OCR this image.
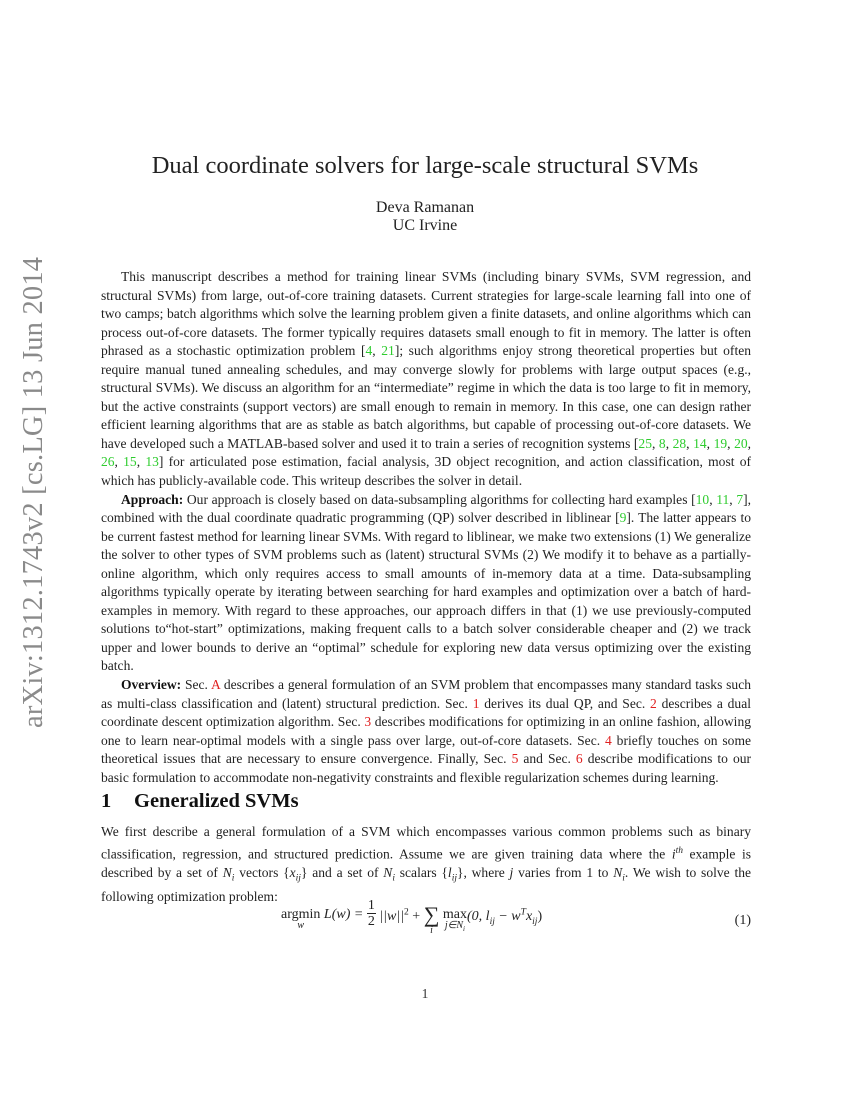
arXiv:1312.1743v2 [cs.LG] 13 Jun 2014
Dual coordinate solvers for large-scale structural SVMs
Deva Ramanan
UC Irvine

This manuscript describes a method for training linear SVMs (including binary SVMs, SVM regression, and structural SVMs) from large, out-of-core training datasets. Current strategies for large-scale learning fall into one of two camps; batch algorithms which solve the learning problem given a finite datasets, and online algorithms which can process out-of-core datasets. The former typically requires datasets small enough to fit in memory. The latter is often phrased as a stochastic optimization problem [4, 21]; such algorithms enjoy strong theoretical properties but often require manual tuned annealing schedules, and may converge slowly for problems with large output spaces (e.g., structural SVMs). We discuss an algorithm for an “intermediate” regime in which the data is too large to fit in memory, but the active constraints (support vectors) are small enough to remain in memory. In this case, one can design rather efficient learning algorithms that are as stable as batch algorithms, but capable of processing out-of-core datasets. We have developed such a MATLAB-based solver and used it to train a series of recognition systems [25, 8, 28, 14, 19, 20, 26, 15, 13] for articulated pose estimation, facial analysis, 3D object recognition, and action classification, most of which has publicly-available code. This writeup describes the solver in detail.

Approach: Our approach is closely based on data-subsampling algorithms for collecting hard examples [10, 11, 7], combined with the dual coordinate quadratic programming (QP) solver described in liblinear [9]. The latter appears to be current fastest method for learning linear SVMs. With regard to liblinear, we make two extensions (1) We generalize the solver to other types of SVM problems such as (latent) structural SVMs (2) We modify it to behave as a partially-online algorithm, which only requires access to small amounts of in-memory data at a time. Data-subsampling algorithms typically operate by iterating between searching for hard examples and optimization over a batch of hard-examples in memory. With regard to these approaches, our approach differs in that (1) we use previously-computed solutions to“hot-start” optimizations, making frequent calls to a batch solver considerable cheaper and (2) we track upper and lower bounds to derive an “optimal” schedule for exploring new data versus optimizing over the existing batch.

Overview: Sec. A describes a general formulation of an SVM problem that encompasses many standard tasks such as multi-class classification and (latent) structural prediction. Sec. 1 derives its dual QP, and Sec. 2 describes a dual coordinate descent optimization algorithm. Sec. 3 describes modifications for optimizing in an online fashion, allowing one to learn near-optimal models with a single pass over large, out-of-core datasets. Sec. 4 briefly touches on some theoretical issues that are necessary to ensure convergence. Finally, Sec. 5 and Sec. 6 describe modifications to our basic formulation to accommodate non-negativity constraints and flexible regularization schemes during learning.

1 Generalized SVMs

We first describe a general formulation of a SVM which encompasses various common problems such as binary classification, regression, and structured prediction. Assume we are given training data where the $i^{th}$ example is described by a set of $N_i$ vectors $\{x_{ij}\}$ and a set of $N_i$ scalars $\{l_{ij}\}$, where j varies from 1 to $N_i$. We wish to solve the following optimization problem:

argmin
$^w$ $L(w) = \frac{1}{2} ||w||^2$ + ∑
$^i$ max
$^{j\in N_i}$(0, $l_{ij} - w^Tx_{ij}$)	(1)
1
